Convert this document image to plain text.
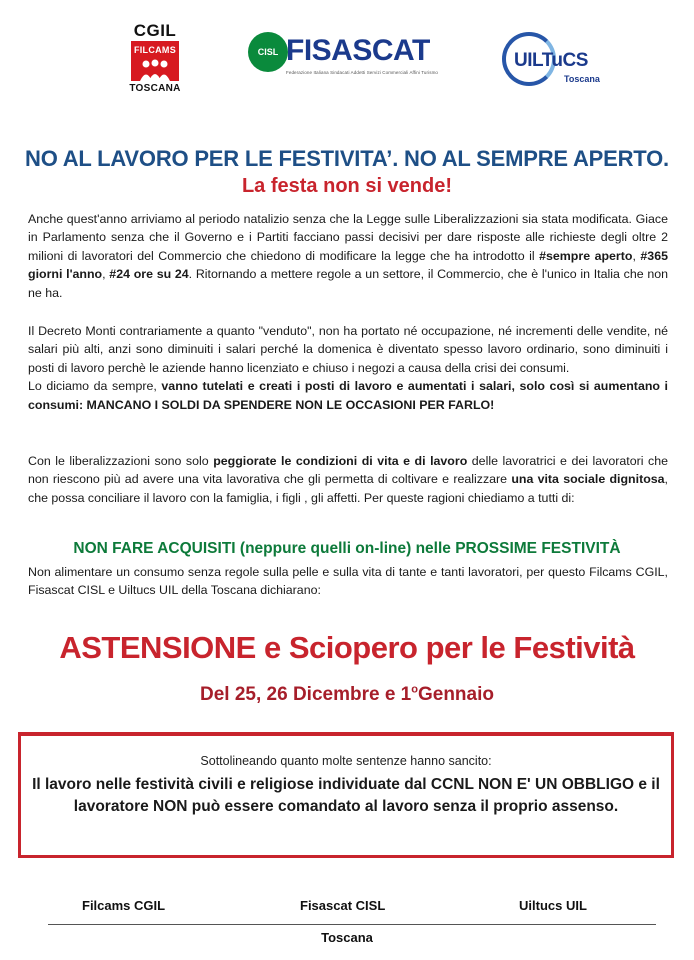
CGIL
FILCAMS
TOSCANA
CISL FISASCAT
Federazione Italiana Sindacati Addetti Servizi Commerciali Affini Turismo
UILTuCS
Toscana
NO AL LAVORO PER LE FESTIVITA’. NO AL SEMPRE APERTO.
La festa non si vende!
Anche quest'anno arriviamo al periodo natalizio senza che la Legge sulle Liberalizzazioni sia stata modificata. Giace in Parlamento senza che il Governo e i Partiti facciano passi decisivi per dare risposte alle richieste degli oltre 2 milioni di lavoratori del Commercio che chiedono di modificare la legge che ha introdotto il #sempre aperto, #365 giorni l'anno, #24 ore su 24. Ritornando a mettere regole a un settore, il Commercio, che è l'unico in Italia che non ne ha.
Il Decreto Monti contrariamente a quanto "venduto", non ha portato né occupazione, né incrementi delle vendite, né salari più alti, anzi sono diminuiti i salari perché la domenica è diventato spesso lavoro ordinario, sono diminuiti i posti di lavoro perchè le aziende hanno licenziato e chiuso i negozi a causa della crisi dei consumi.
Lo diciamo da sempre, vanno tutelati e creati i posti di lavoro e aumentati i salari, solo così si aumentano i consumi: MANCANO I SOLDI DA SPENDERE NON LE OCCASIONI PER FARLO!
Con le liberalizzazioni sono solo peggiorate le condizioni di vita e di lavoro delle lavoratrici e dei lavoratori che non riescono più ad avere una vita lavorativa che gli permetta di coltivare e realizzare una vita sociale dignitosa, che possa conciliare il lavoro con la famiglia, i figli , gli affetti. Per queste ragioni chiediamo a tutti di:
NON FARE ACQUISITI (neppure quelli on-line) nelle PROSSIME FESTIVITÀ
Non alimentare un consumo senza regole sulla pelle e sulla vita di tante e tanti lavoratori, per questo Filcams CGIL, Fisascat CISL e Uiltucs UIL della Toscana dichiarano:
ASTENSIONE e Sciopero per le Festività
Del 25, 26 Dicembre e 1$^o$Gennaio
Sottolineando quanto molte sentenze hanno sancito:
Il lavoro nelle festività civili e religiose individuate dal CCNL NON E' UN OBBLIGO e il lavoratore NON può essere comandato al lavoro senza il proprio assenso.
Filcams CGIL	Fisascat CISL	Uiltucs UIL
Toscana
